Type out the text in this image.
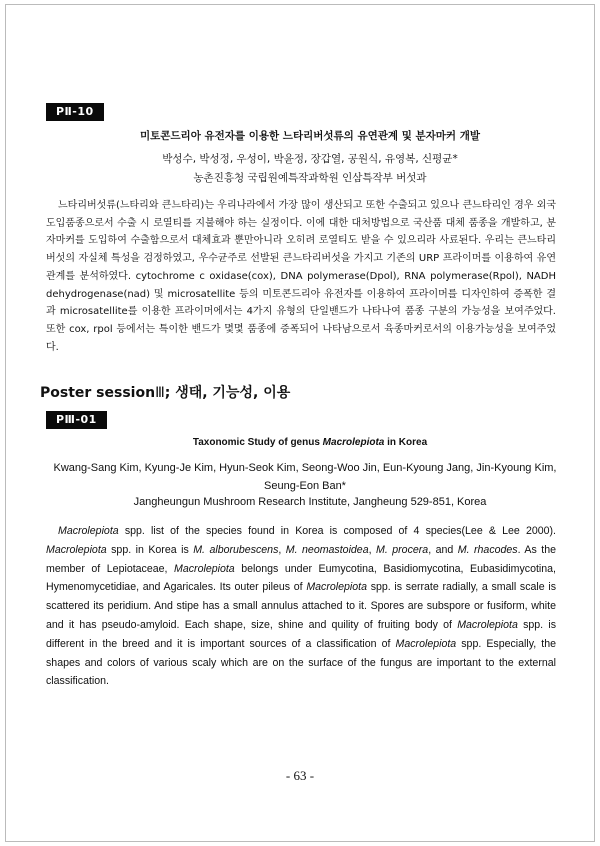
PⅡ-10
미토콘드리아 유전자를 이용한 느타리버섯류의 유연관계 및 분자마커 개발
박성수, 박성정, 우성이, 박윤정, 장갑열, 공원식, 유영복, 신평균*
농촌진흥청 국립원예특작과학원 인삼특작부 버섯과

느타리버섯류(느타리와 큰느타리)는 우리나라에서 가장 많이 생산되고 또한 수출되고 있으나 큰느타리인 경우 외국도입품종으로서 수출 시 로열티를 지불해야 하는 실정이다. 이에 대한 대처방법으로 국산품 대체 품종을 개발하고, 분자마커를 도입하여 수출함으로서 대체효과 뿐만아니라 오히려 로열티도 받을 수 있으리라 사료된다. 우리는 큰느타리버섯의 자실체 특성을 검정하였고, 우수균주로 선발된 큰느타리버섯을 가지고 기존의 URP 프라이머를 이용하여 유연관계를 분석하였다. cytochrome c oxidase(cox), DNA polymerase(Dpol), RNA polymerase(Rpol), NADH dehydrogenase(nad) 및 microsatellite 등의 미토콘드리아 유전자를 이용하여 프라이머를 디자인하여 증폭한 결과 microsatellite를 이용한 프라이머에서는 4가지 유형의 단일밴드가 나타나여 품종 구분의 가능성을 보여주었다. 또한 cox, rpol 등에서는 특이한 밴드가 몇몇 품종에 증폭되어 나타남으로서 육종마커로서의 이용가능성을 보여주었다.

Poster sessionⅢ; 생태, 기능성, 이용
PⅢ-01
Taxonomic Study of genus Macrolepiota in Korea
Kwang-Sang Kim, Kyung-Je Kim, Hyun-Seok Kim, Seong-Woo Jin, Eun-Kyoung Jang, Jin-Kyoung Kim,
Seung-Eon Ban*
Jangheungun Mushroom Research Institute, Jangheung 529-851, Korea

Macrolepiota spp. list of the species found in Korea is composed of 4 species(Lee & Lee 2000). Macrolepiota spp. in Korea is M. alborubescens, M. neomastoidea, M. procera, and M. rhacodes. As the member of Lepiotaceae, Macrolepiota belongs under Eumycotina, Basidiomycotina, Eubasidimycotina, Hymenomycetidiae, and Agaricales. Its outer pileus of Macrolepiota spp. is serrate radially, a small scale is scattered its peridium. And stipe has a small annulus attached to it. Spores are subspore or fusiform, white and it has pseudo-amyloid. Each shape, size, shine and quility of fruiting body of Macrolepiota spp. is different in the breed and it is important sources of a classification of Macrolepiota spp. Especially, the shapes and colors of various scaly which are on the surface of the fungus are important to the external classification.

- 63 -
